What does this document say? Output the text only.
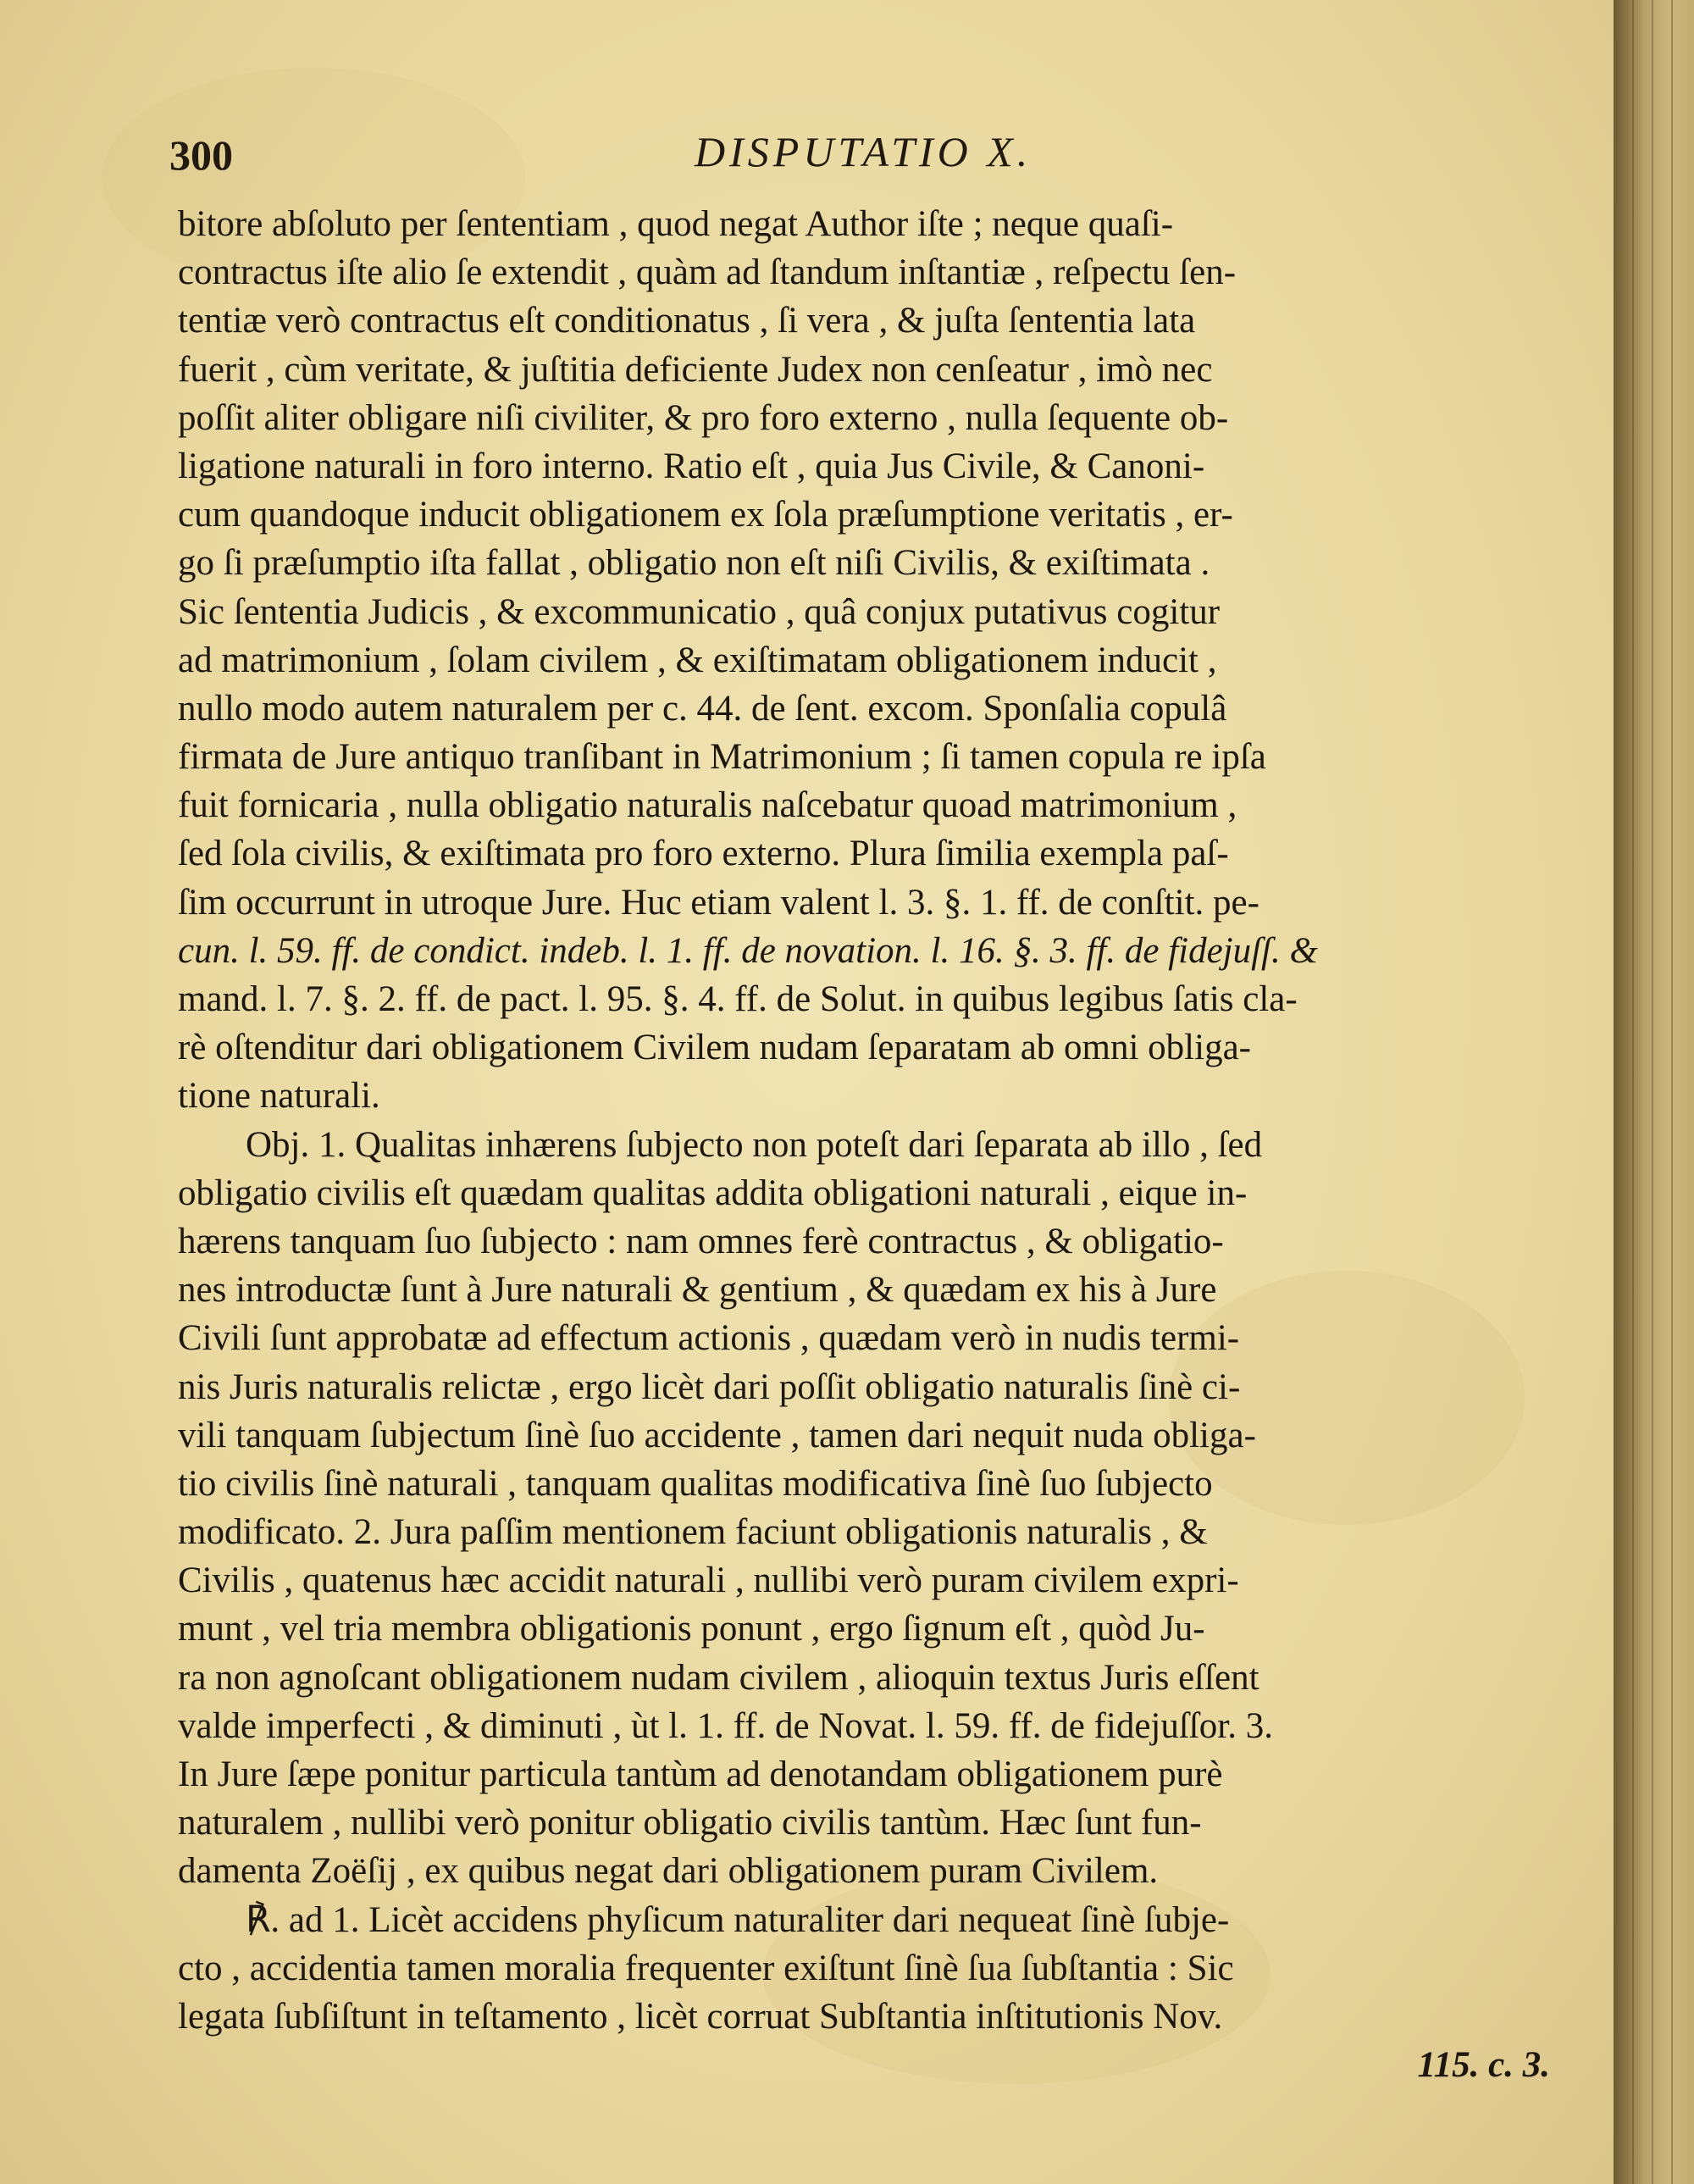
300	DISPUTATIO X.
bitore abſoluto per ſententiam , quod negat Author iſte ; neque quaſi-
contractus iſte alio ſe extendit , quàm ad ſtandum inſtantiæ , reſpectu ſen-
tentiæ verò contractus eſt conditionatus , ſi vera , & juſta ſententia lata
fuerit , cùm veritate, & juſtitia deficiente Judex non cenſeatur , imò nec
poſſit aliter obligare niſi civiliter, & pro foro externo , nulla ſequente ob-
ligatione naturali in foro interno. Ratio eſt , quia Jus Civile, & Canoni-
cum quandoque inducit obligationem ex ſola præſumptione veritatis , er-
go ſi præſumptio iſta fallat , obligatio non eſt niſi Civilis, & exiſtimata .
Sic ſententia Judicis , & excommunicatio , quâ conjux putativus cogitur
ad matrimonium , ſolam civilem , & exiſtimatam obligationem inducit ,
nullo modo autem naturalem per c. 44. de ſent. excom. Sponſalia copulâ
firmata de Jure antiquo tranſibant in Matrimonium ; ſi tamen copula re ipſa
fuit fornicaria , nulla obligatio naturalis naſcebatur quoad matrimonium ,
ſed ſola civilis, & exiſtimata pro foro externo. Plura ſimilia exempla paſ-
ſim occurrunt in utroque Jure. Huc etiam valent l. 3. §. 1. ff. de conſtit. pe-
cun. l. 59. ff. de condict. indeb. l. 1. ff. de novation. l. 16. §. 3. ff. de fidejuſſ. &
mand. l. 7. §. 2. ff. de pact. l. 95. §. 4. ff. de Solut. in quibus legibus ſatis cla-
rè oſtenditur dari obligationem Civilem nudam ſeparatam ab omni obliga-
tione naturali.
Obj. 1. Qualitas inhærens ſubjecto non poteſt dari ſeparata ab illo , ſed
obligatio civilis eſt quædam qualitas addita obligationi naturali , eique in-
hærens tanquam ſuo ſubjecto : nam omnes ferè contractus , & obligatio-
nes introductæ ſunt à Jure naturali & gentium , & quædam ex his à Jure
Civili ſunt approbatæ ad effectum actionis , quædam verò in nudis termi-
nis Juris naturalis relictæ , ergo licèt dari poſſit obligatio naturalis ſinè ci-
vili tanquam ſubjectum ſinè ſuo accidente , tamen dari nequit nuda obliga-
tio civilis ſinè naturali , tanquam qualitas modificativa ſinè ſuo ſubjecto
modificato. 2. Jura paſſim mentionem faciunt obligationis naturalis , &
Civilis , quatenus hæc accidit naturali , nullibi verò puram civilem expri-
munt , vel tria membra obligationis ponunt , ergo ſignum eſt , quòd Ju-
ra non agnoſcant obligationem nudam civilem , alioquin textus Juris eſſent
valde imperfecti , & diminuti , ùt l. 1. ff. de Novat. l. 59. ff. de fidejuſſor. 3.
In Jure ſæpe ponitur particula tantùm ad denotandam obligationem purè
naturalem , nullibi verò ponitur obligatio civilis tantùm. Hæc ſunt fun-
damenta Zoëſij , ex quibus negat dari obligationem puram Civilem.
℟. ad 1. Licèt accidens phyſicum naturaliter dari nequeat ſinè ſubje-
cto , accidentia tamen moralia frequenter exiſtunt ſinè ſua ſubſtantia : Sic
legata ſubſiſtunt in teſtamento , licèt corruat Subſtantia inſtitutionis Nov.
115. c. 3.
